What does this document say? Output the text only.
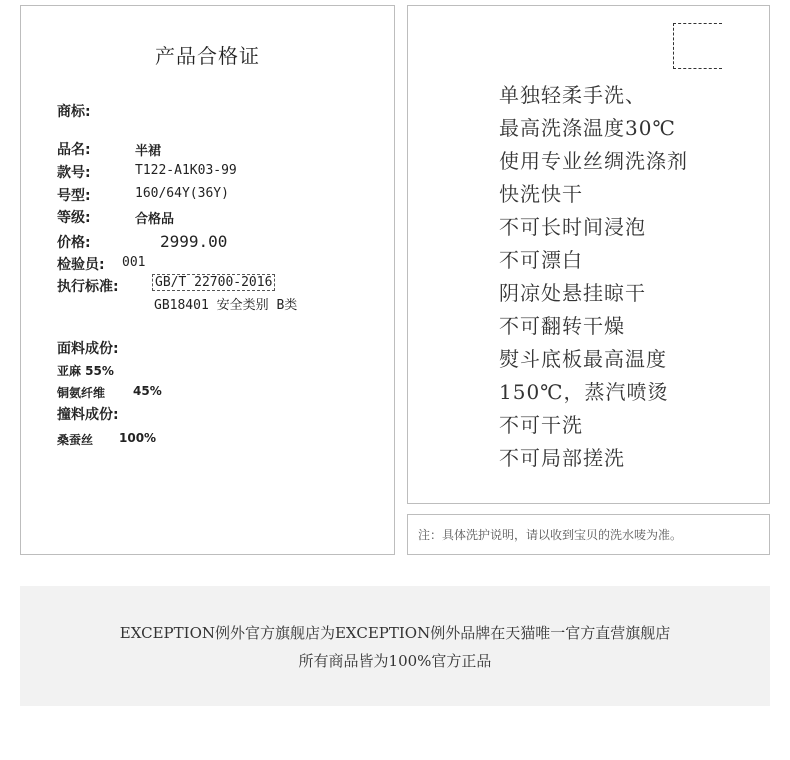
产品合格证
商标:
品名:	半裙
款号:	T122-A1K03-99
号型:	160/64Y(36Y)
等级:	合格品
价格:	2999.00
检验员: 001
执行标准:	GB/T 22700-2016
GB18401 安全类别 B类
面料成份:
亚麻 55%
铜氨纤维 45%
撞料成份:
桑蚕丝 100%
单独轻柔手洗、
最高洗涤温度30℃
使用专业丝绸洗涤剂
快洗快干
不可长时间浸泡
不可漂白
阴凉处悬挂晾干
不可翻转干燥
熨斗底板最高温度
150℃，蒸汽喷烫
不可干洗
不可局部搓洗
注：具体洗护说明，请以收到宝贝的洗水唛为准。
EXCEPTION例外官方旗舰店为EXCEPTION例外品牌在天猫唯一官方直营旗舰店
所有商品皆为100%官方正品
